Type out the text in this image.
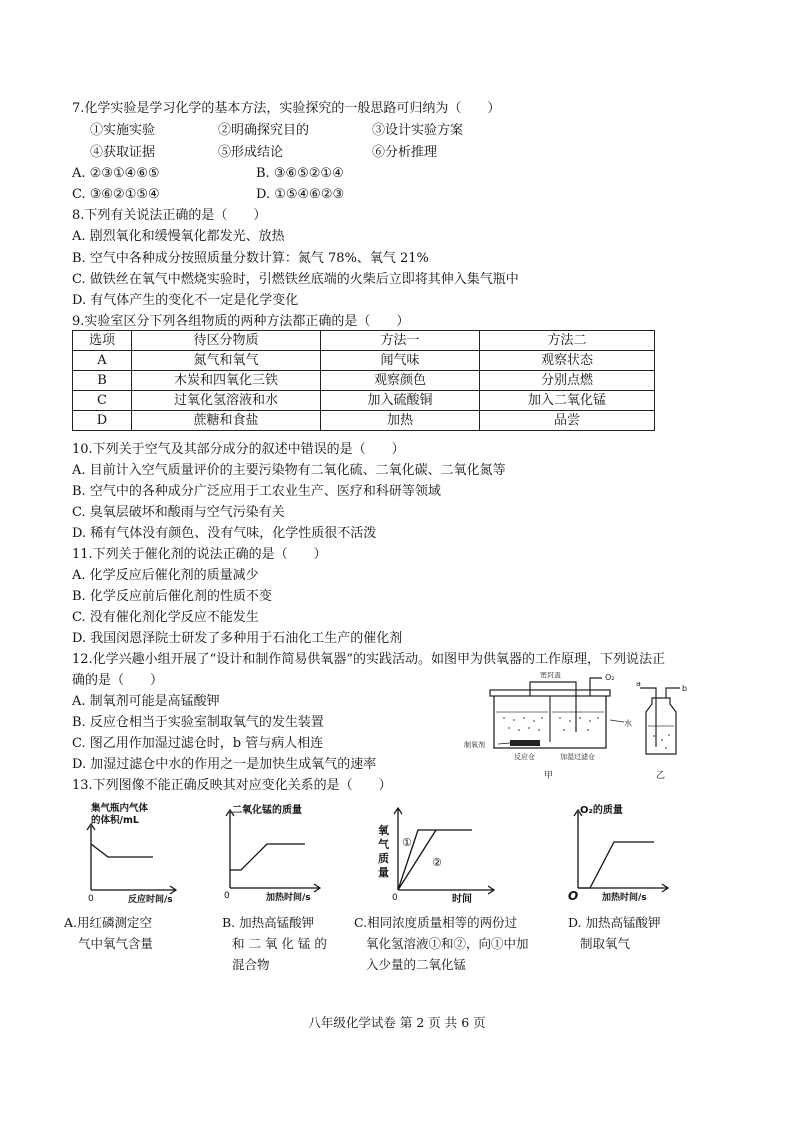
7.化学实验是学习化学的基本方法，实验探究的一般思路可归纳为（　　）
①实施实验	②明确探究目的	③设计实验方案
④获取证据	⑤形成结论	⑥分析推理
A. ②③①④⑥⑤	B. ③⑥⑤②①④
C. ③⑥②①⑤④	D. ①⑤④⑥②③
8.下列有关说法正确的是（　　）
A. 剧烈氧化和缓慢氧化都发光、放热
B. 空气中各种成分按照质量分数计算：氮气 78%、氧气 21%
C. 做铁丝在氧气中燃烧实验时，引燃铁丝底端的火柴后立即将其伸入集气瓶中
D. 有气体产生的变化不一定是化学变化
9.实验室区分下列各组物质的两种方法都正确的是（　　）
选项	待区分物质	方法一	方法二
A	氮气和氧气	闻气味	观察状态
B	木炭和四氧化三铁	观察颜色	分别点燃
C	过氧化氢溶液和水	加入硫酸铜	加入二氧化锰
D	蔗糖和食盐	加热	品尝
10.下列关于空气及其部分成分的叙述中错误的是（　　）
A. 目前计入空气质量评价的主要污染物有二氧化硫、二氧化碳、二氧化氮等
B. 空气中的各种成分广泛应用于工农业生产、医疗和科研等领域
C. 臭氧层破坏和酸雨与空气污染有关
D. 稀有气体没有颜色、没有气味，化学性质很不活泼
11.下列关于催化剂的说法正确的是（　　）
A. 化学反应后催化剂的质量减少
B. 化学反应前后催化剂的性质不变
C. 没有催化剂化学反应不能发生
D. 我国闵恩泽院士研发了多种用于石油化工生产的催化剂
12.化学兴趣小组开展了“设计和制作简易供氧器”的实践活动。如图甲为供氧器的工作原理，下列说法正
确的是（　　）
A. 制氧剂可能是高锰酸钾
B. 反应仓相当于实验室制取氧气的发生装置
C. 图乙用作加湿过滤仓时，b 管与病人相连
D. 加湿过滤仓中水的作用之一是加快生成氧气的速率
密封盖	O₂
水
制氧剂
反应仓	加湿过滤仓
甲
a
b
乙
13.下列图像不能正确反映其对应变化关系的是（　　）
集气瓶内气体
的体积/mL
0	反应时间/s
二氧化锰的质量
0	加热时间/s
氧
气
质
量
①
②
0	时间
O₂的质量
O	加热时间/s
A.用红磷测定空
气中氧气含量
B. 加热高锰酸钾
和 二 氧 化 锰 的
混合物
C.相同浓度质量相等的两份过
氧化氢溶液①和②，向①中加
入少量的二氧化锰
D. 加热高锰酸钾
制取氧气
八年级化学试卷 第 2 页 共 6 页
